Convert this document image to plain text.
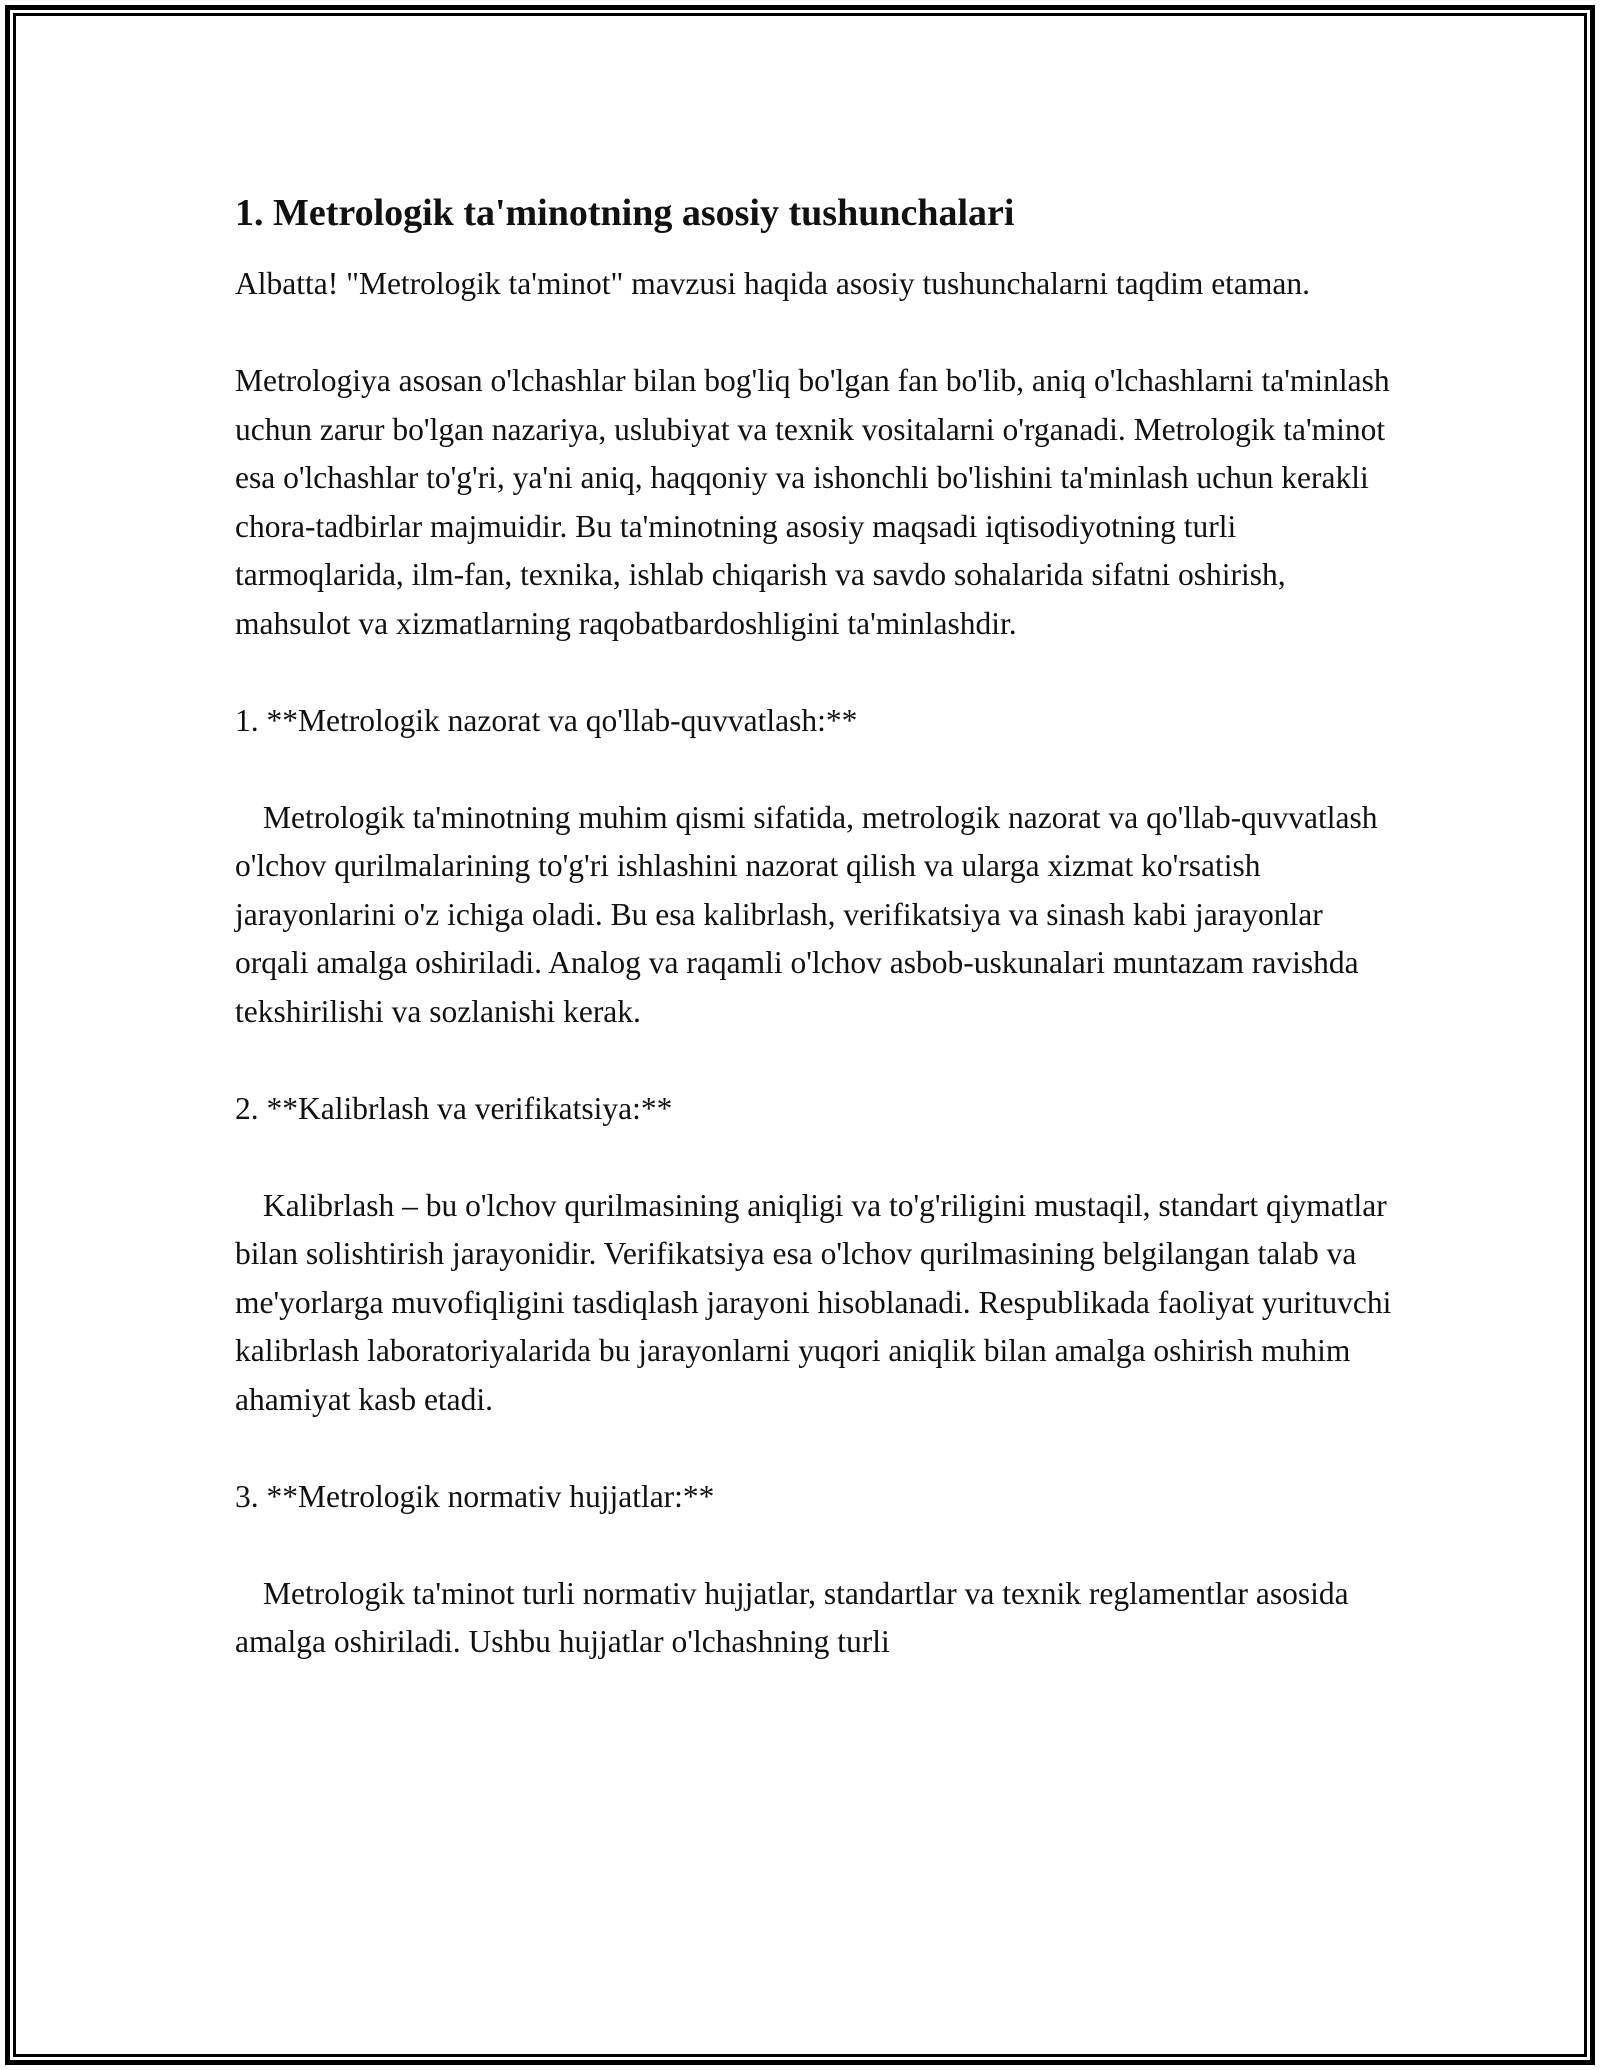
1. Metrologik ta'minotning asosiy tushunchalari
Albatta! "Metrologik ta'minot" mavzusi haqida asosiy tushunchalarni taqdim etaman.
Metrologiya asosan o'lchashlar bilan bog'liq bo'lgan fan bo'lib, aniq o'lchashlarni ta'minlash uchun zarur bo'lgan nazariya, uslubiyat va texnik vositalarni o'rganadi. Metrologik ta'minot esa o'lchashlar to'g'ri, ya'ni aniq, haqqoniy va ishonchli bo'lishini ta'minlash uchun kerakli chora-tadbirlar majmuidir. Bu ta'minotning asosiy maqsadi iqtisodiyotning turli tarmoqlarida, ilm-fan, texnika, ishlab chiqarish va savdo sohalarida sifatni oshirish, mahsulot va xizmatlarning raqobatbardoshligini ta'minlashdir.
1. **Metrologik nazorat va qo'llab-quvvatlash:**
Metrologik ta'minotning muhim qismi sifatida, metrologik nazorat va qo'llab-quvvatlash o'lchov qurilmalarining to'g'ri ishlashini nazorat qilish va ularga xizmat ko'rsatish jarayonlarini o'z ichiga oladi. Bu esa kalibrlash, verifikatsiya va sinash kabi jarayonlar orqali amalga oshiriladi. Analog va raqamli o'lchov asbob-uskunalari muntazam ravishda tekshirilishi va sozlanishi kerak.
2. **Kalibrlash va verifikatsiya:**
Kalibrlash – bu o'lchov qurilmasining aniqligi va to'g'riligini mustaqil, standart qiymatlar bilan solishtirish jarayonidir. Verifikatsiya esa o'lchov qurilmasining belgilangan talab va me'yorlarga muvofiqligini tasdiqlash jarayoni hisoblanadi. Respublikada faoliyat yurituvchi kalibrlash laboratoriyalarida bu jarayonlarni yuqori aniqlik bilan amalga oshirish muhim ahamiyat kasb etadi.
3. **Metrologik normativ hujjatlar:**
Metrologik ta'minot turli normativ hujjatlar, standartlar va texnik reglamentlar asosida amalga oshiriladi. Ushbu hujjatlar o'lchashning turli
